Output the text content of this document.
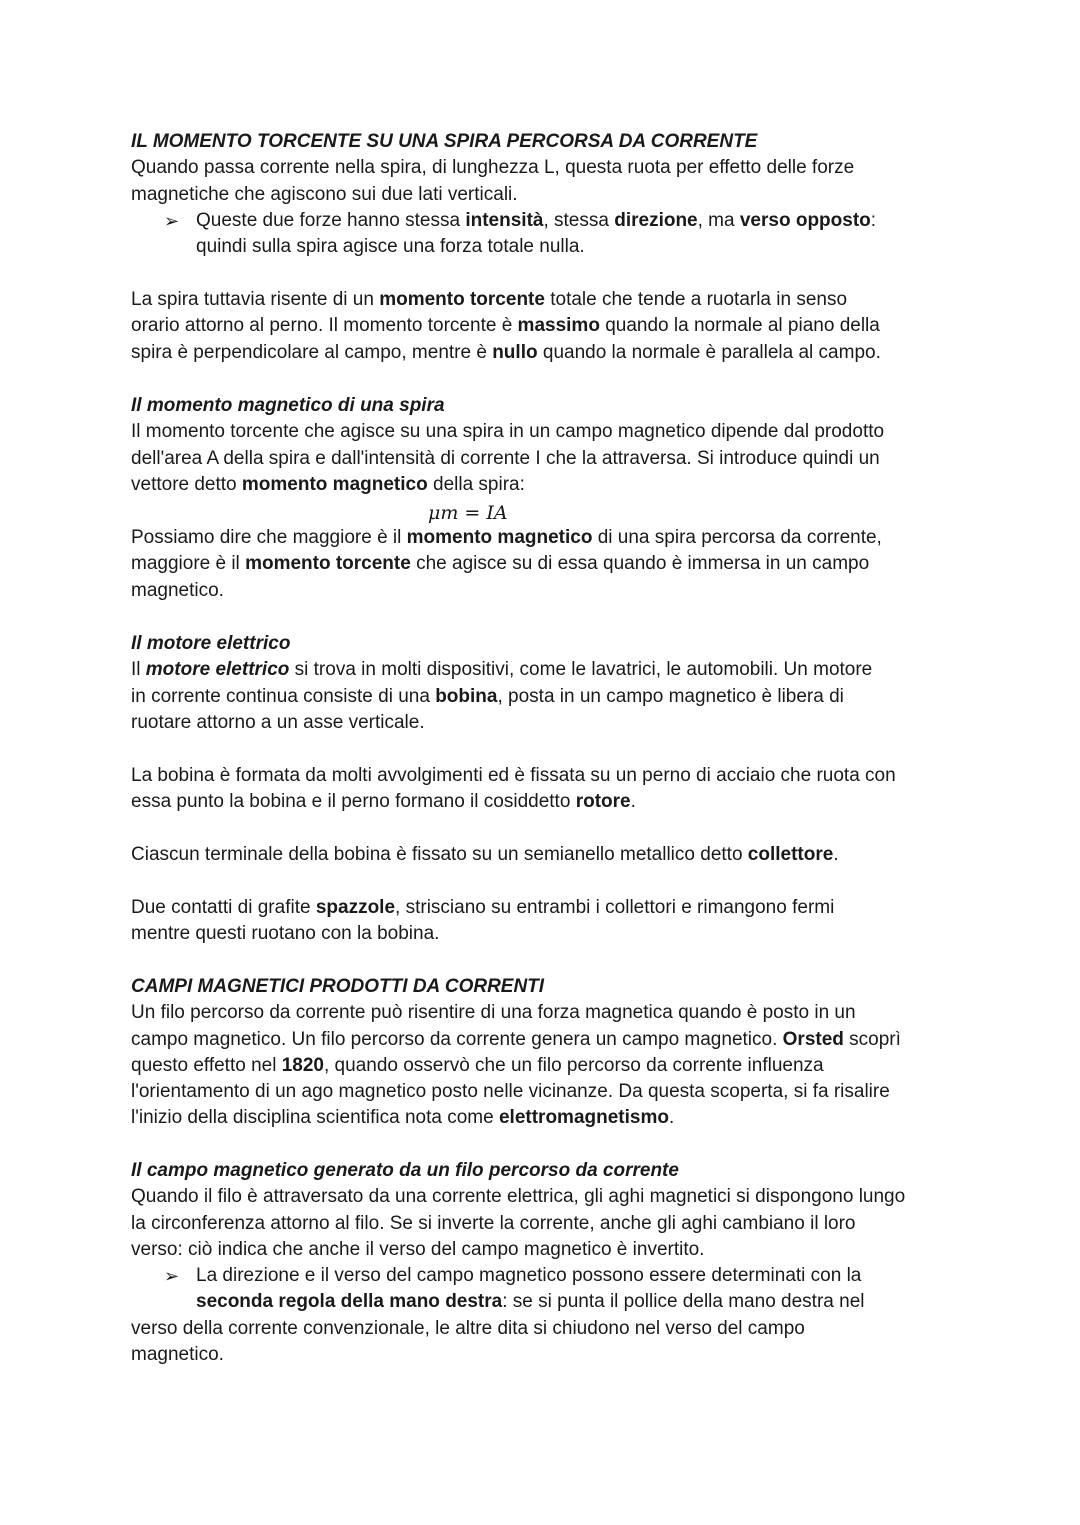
IL MOMENTO TORCENTE SU UNA SPIRA PERCORSA DA CORRENTE
Quando passa corrente nella spira, di lunghezza L, questa ruota per effetto delle forze
magnetiche che agiscono sui due lati verticali.
➢ Queste due forze hanno stessa intensità, stessa direzione, ma verso opposto:
quindi sulla spira agisce una forza totale nulla.
La spira tuttavia risente di un momento torcente totale che tende a ruotarla in senso
orario attorno al perno. Il momento torcente è massimo quando la normale al piano della
spira è perpendicolare al campo, mentre è nullo quando la normale è parallela al campo.
Il momento magnetico di una spira
Il momento torcente che agisce su una spira in un campo magnetico dipende dal prodotto
dell'area A della spira e dall'intensità di corrente I che la attraversa. Si introduce quindi un
vettore detto momento magnetico della spira:
μm = IA
Possiamo dire che maggiore è il momento magnetico di una spira percorsa da corrente,
maggiore è il momento torcente che agisce su di essa quando è immersa in un campo
magnetico.
Il motore elettrico
Il motore elettrico si trova in molti dispositivi, come le lavatrici, le automobili. Un motore
in corrente continua consiste di una bobina, posta in un campo magnetico è libera di
ruotare attorno a un asse verticale.
La bobina è formata da molti avvolgimenti ed è fissata su un perno di acciaio che ruota con
essa punto la bobina e il perno formano il cosiddetto rotore.
Ciascun terminale della bobina è fissato su un semianello metallico detto collettore.
Due contatti di grafite spazzole, strisciano su entrambi i collettori e rimangono fermi
mentre questi ruotano con la bobina.
CAMPI MAGNETICI PRODOTTI DA CORRENTI
Un filo percorso da corrente può risentire di una forza magnetica quando è posto in un
campo magnetico. Un filo percorso da corrente genera un campo magnetico. Orsted scoprì
questo effetto nel 1820, quando osservò che un filo percorso da corrente influenza
l'orientamento di un ago magnetico posto nelle vicinanze. Da questa scoperta, si fa risalire
l'inizio della disciplina scientifica nota come elettromagnetismo.
Il campo magnetico generato da un filo percorso da corrente
Quando il filo è attraversato da una corrente elettrica, gli aghi magnetici si dispongono lungo
la circonferenza attorno al filo. Se si inverte la corrente, anche gli aghi cambiano il loro
verso: ciò indica che anche il verso del campo magnetico è invertito.
➢ La direzione e il verso del campo magnetico possono essere determinati con la
seconda regola della mano destra: se si punta il pollice della mano destra nel
verso della corrente convenzionale, le altre dita si chiudono nel verso del campo
magnetico.
